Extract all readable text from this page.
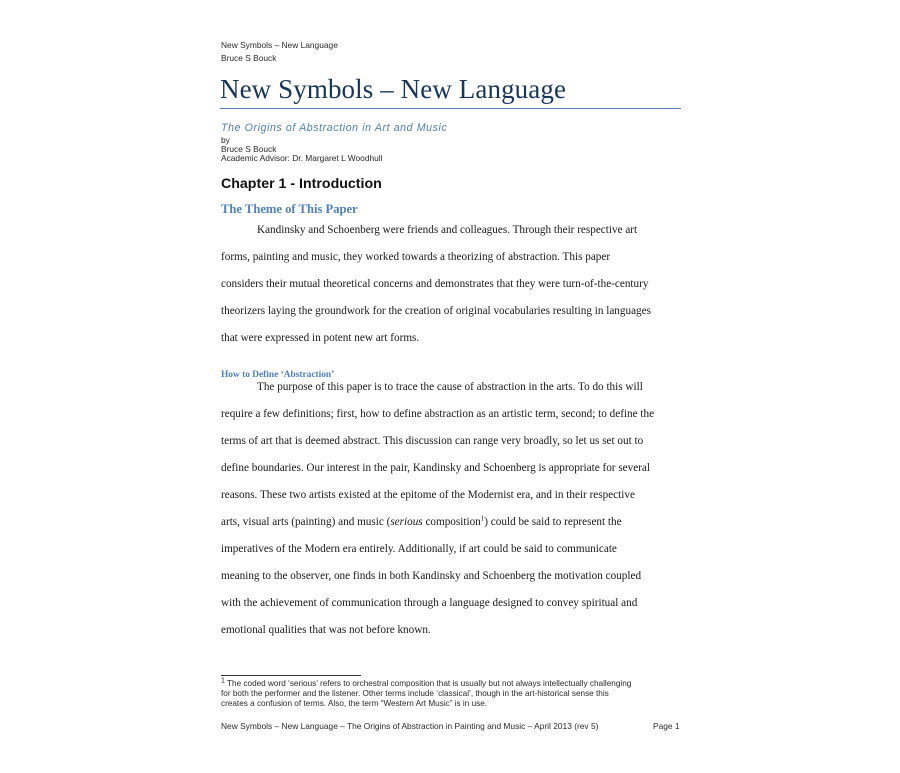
New Symbols – New Language
Bruce S Bouck
New Symbols – New Language
The Origins of Abstraction in Art and Music
by
Bruce S Bouck
Academic Advisor: Dr. Margaret L Woodhull
Chapter 1 - Introduction
The Theme of This Paper
Kandinsky and Schoenberg were friends and colleagues. Through their respective art
forms, painting and music, they worked towards a theorizing of abstraction. This paper
considers their mutual theoretical concerns and demonstrates that they were turn-of-the-century
theorizers laying the groundwork for the creation of original vocabularies resulting in languages
that were expressed in potent new art forms.
How to Define ‘Abstraction’
The purpose of this paper is to trace the cause of abstraction in the arts. To do this will
require a few definitions; first, how to define abstraction as an artistic term, second; to define the
terms of art that is deemed abstract. This discussion can range very broadly, so let us set out to
define boundaries. Our interest in the pair, Kandinsky and Schoenberg is appropriate for several
reasons. These two artists existed at the epitome of the Modernist era, and in their respective
arts, visual arts (painting) and music (serious composition$^1$) could be said to represent the
imperatives of the Modern era entirely. Additionally, if art could be said to communicate
meaning to the observer, one finds in both Kandinsky and Schoenberg the motivation coupled
with the achievement of communication through a language designed to convey spiritual and
emotional qualities that was not before known.
$^1$ The coded word ‘serious’ refers to orchestral composition that is usually but not always intellectually challenging
for both the performer and the listener. Other terms include ‘classical’, though in the art-historical sense this
creates a confusion of terms. Also, the term “Western Art Music” is in use.
New Symbols – New Language – The Origins of Abstraction in Painting and Music – April 2013 (rev 5)	Page 1
